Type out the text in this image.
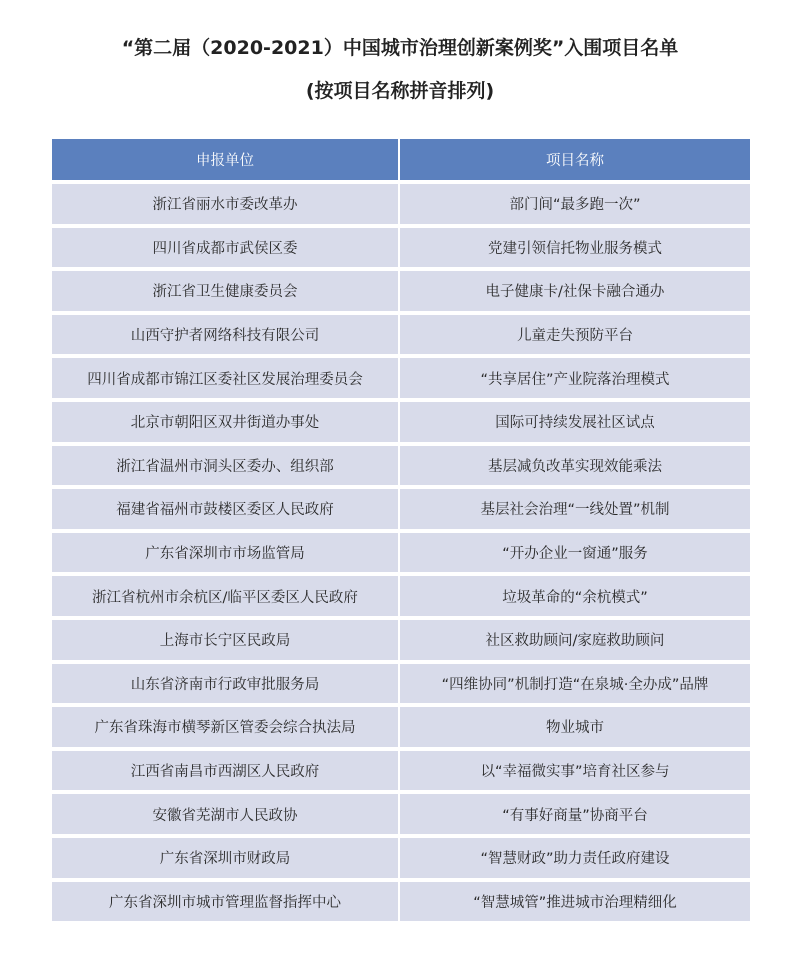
“第二届（2020-2021）中国城市治理创新案例奖”入围项目名单
(按项目名称拼音排列)
申报单位	项目名称
浙江省丽水市委改革办	部门间“最多跑一次”
四川省成都市武侯区委	党建引领信托物业服务模式
浙江省卫生健康委员会	电子健康卡/社保卡融合通办
山西守护者网络科技有限公司	儿童走失预防平台
四川省成都市锦江区委社区发展治理委员会	“共享居住”产业院落治理模式
北京市朝阳区双井街道办事处	国际可持续发展社区试点
浙江省温州市洞头区委办、组织部	基层减负改革实现效能乘法
福建省福州市鼓楼区委区人民政府	基层社会治理“一线处置”机制
广东省深圳市市场监管局	“开办企业一窗通”服务
浙江省杭州市余杭区/临平区委区人民政府	垃圾革命的“余杭模式”
上海市长宁区民政局	社区救助顾问/家庭救助顾问
山东省济南市行政审批服务局	“四维协同”机制打造“在泉城·全办成”品牌
广东省珠海市横琴新区管委会综合执法局	物业城市
江西省南昌市西湖区人民政府	以“幸福微实事”培育社区参与
安徽省芜湖市人民政协	“有事好商量”协商平台
广东省深圳市财政局	“智慧财政”助力责任政府建设
广东省深圳市城市管理监督指挥中心	“智慧城管”推进城市治理精细化
